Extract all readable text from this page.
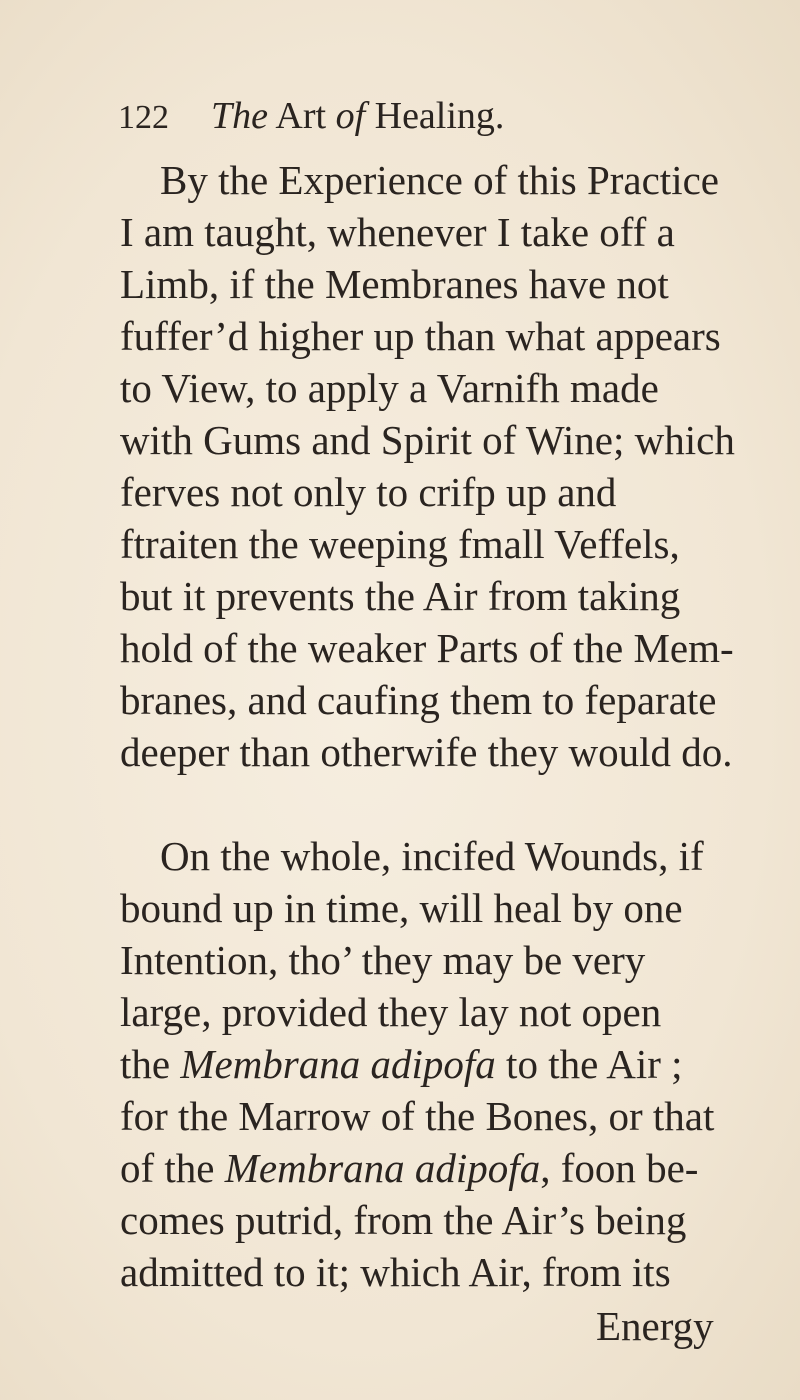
122 The Art of Healing.
By the Experience of this Practice
I am taught, whenever I take off a
Limb, if the Membranes have not
fuffer’d higher up than what appears
to View, to apply a Varnifh made
with Gums and Spirit of Wine; which
ferves not only to crifp up and
ftraiten the weeping fmall Veffels,
but it prevents the Air from taking
hold of the weaker Parts of the Mem-
branes, and caufing them to feparate
deeper than otherwife they would do.
On the whole, incifed Wounds, if
bound up in time, will heal by one
Intention, tho’ they may be very
large, provided they lay not open
the Membrana adipofa to the Air ;
for the Marrow of the Bones, or that
of the Membrana adipofa, foon be-
comes putrid, from the Air’s being
admitted to it; which Air, from its
Energy
